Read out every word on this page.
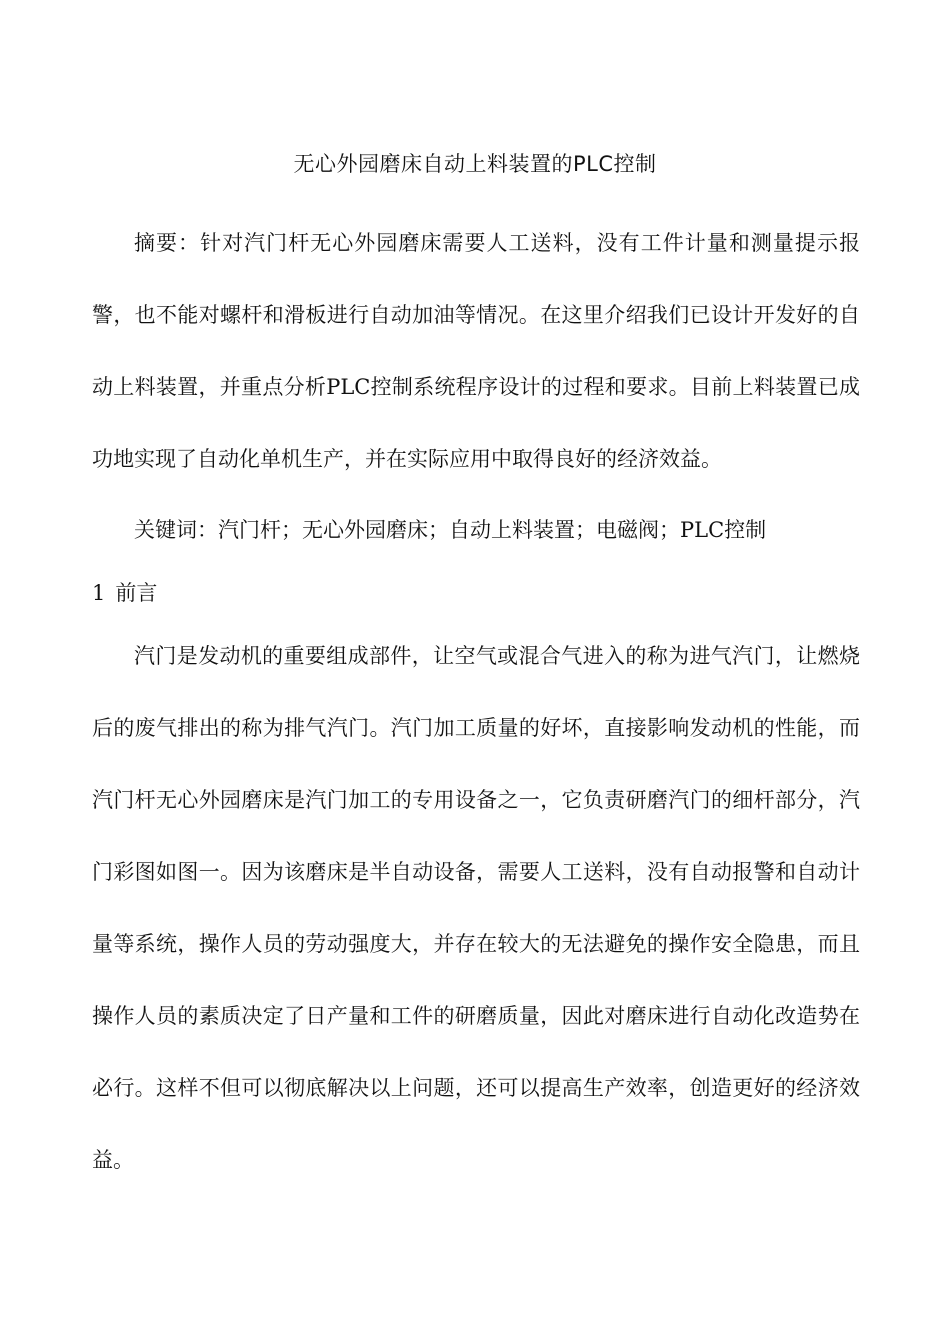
无心外园磨床自动上料装置的PLC控制

摘要：针对汽门杆无心外园磨床需要人工送料，没有工件计量和测量提示报警，也不能对螺杆和滑板进行自动加油等情况。在这里介绍我们已设计开发好的自动上料装置，并重点分析PLC控制系统程序设计的过程和要求。目前上料装置已成功地实现了自动化单机生产，并在实际应用中取得良好的经济效益。

关键词：汽门杆；无心外园磨床；自动上料装置；电磁阀；PLC控制
1 前言

汽门是发动机的重要组成部件，让空气或混合气进入的称为进气汽门，让燃烧后的废气排出的称为排气汽门。汽门加工质量的好坏，直接影响发动机的性能，而汽门杆无心外园磨床是汽门加工的专用设备之一，它负责研磨汽门的细杆部分，汽门彩图如图一。因为该磨床是半自动设备，需要人工送料，没有自动报警和自动计量等系统，操作人员的劳动强度大，并存在较大的无法避免的操作安全隐患，而且操作人员的素质决定了日产量和工件的研磨质量，因此对磨床进行自动化改造势在必行。这样不但可以彻底解决以上问题，还可以提高生产效率，创造更好的经济效益。
